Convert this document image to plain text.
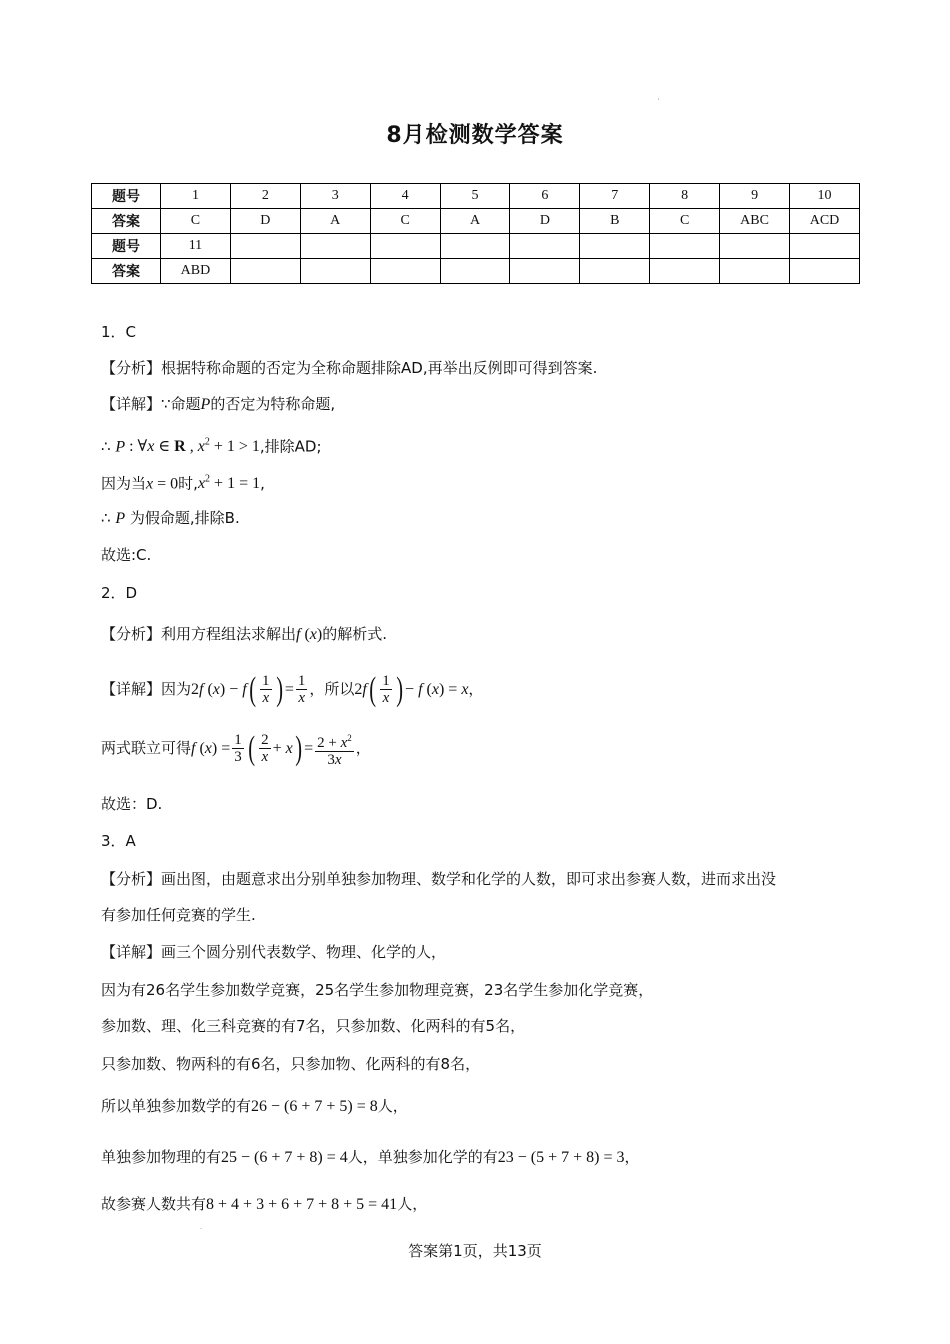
'
.
8月检测数学答案
题号	1	2	3	4	5	6	7	8	9	10
答案	C	D	A	C	A	D	B	C	ABC	ACD
题号	11									
答案	ABD									
1．C
【分析】根据特称命题的否定为全称命题排除AD,再举出反例即可得到答案.
【详解】∵命题P的否定为特称命题,
∴ P : ∀x ∈ R , $x^2 + 1 > 1$,排除AD;
因为当x = 0时$,x^2 + 1 = 1$,
∴ P 为假命题,排除B.
故选:C.
2．D
【分析】利用方程组法求解出f (x)的解析式.
【详解】因为2f $(x) - f( \frac{1}{x}$ ) = $\frac{1}{x}$ ，所以$2f( \frac{1}{x}$ ) − f (x) = x，
两式联立可得f $(x) = \frac{1}{3}$ ( $\frac{2}{x} + x) = \frac{2 + x^2}{3x}$ ，
故选：D.
3．A
【分析】画出图，由题意求出分别单独参加物理、数学和化学的人数，即可求出参赛人数，进而求出没
有参加任何竞赛的学生.
【详解】画三个圆分别代表数学、物理、化学的人，
因为有26名学生参加数学竞赛，25名学生参加物理竞赛，23名学生参加化学竞赛，
参加数、理、化三科竞赛的有7名，只参加数、化两科的有5名，
只参加数、物两科的有6名，只参加物、化两科的有8名，
所以单独参加数学的有26 − (6 + 7 + 5) = 8人，
单独参加物理的有25 − (6 + 7 + 8) = 4人，单独参加化学的有23 − (5 + 7 + 8) = 3，
故参赛人数共有8 + 4 + 3 + 6 + 7 + 8 + 5 = 41人，
答案第1页，共13页
